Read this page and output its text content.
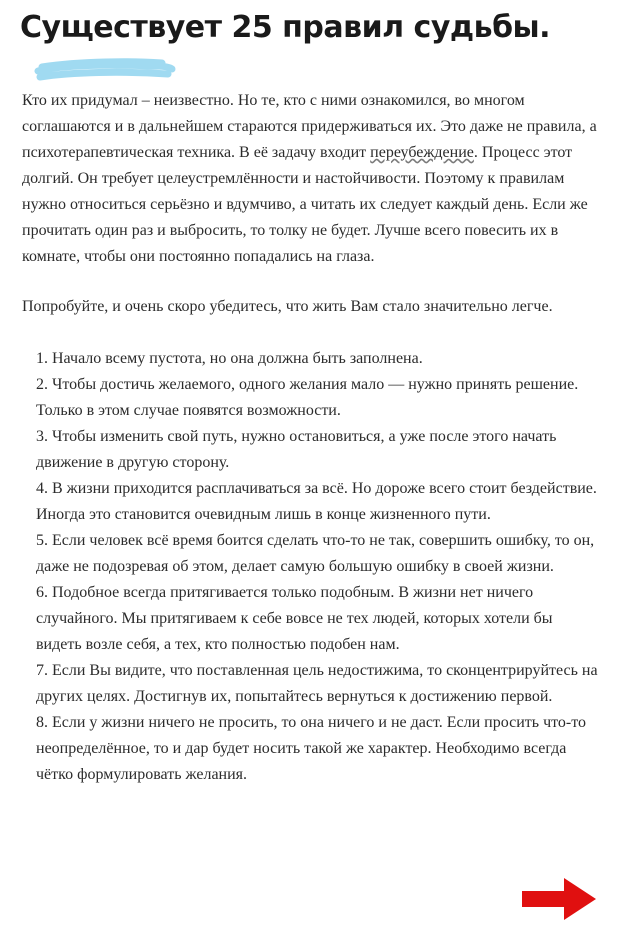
Существует 25 правил судьбы.

Кто их придумал – неизвестно. Но те, кто с ними ознакомился, во многом соглашаются и в дальнейшем стараются придерживаться их. Это даже не правила, а психотерапевтическая техника. В её задачу входит переубеждение. Процесс этот долгий. Он требует целеустремлённости и настойчивости. Поэтому к правилам нужно относиться серьёзно и вдумчиво, а читать их следует каждый день. Если же прочитать один раз и выбросить, то толку не будет. Лучше всего повесить их в комнате, чтобы они постоянно попадались на глаза.

Попробуйте, и очень скоро убедитесь, что жить Вам стало значительно легче.

1. Начало всему пустота, но она должна быть заполнена.
2. Чтобы достичь желаемого, одного желания мало — нужно принять решение. Только в этом случае появятся возможности.
3. Чтобы изменить свой путь, нужно остановиться, а уже после этого начать движение в другую сторону.
4. В жизни приходится расплачиваться за всё. Но дороже всего стоит бездействие. Иногда это становится очевидным лишь в конце жизненного пути.
5. Если человек всё время боится сделать что-то не так, совершить ошибку, то он, даже не подозревая об этом, делает самую большую ошибку в своей жизни.
6. Подобное всегда притягивается только подобным. В жизни нет ничего случайного. Мы притягиваем к себе вовсе не тех людей, которых хотели бы видеть возле себя, а тех, кто полностью подобен нам.
7. Если Вы видите, что поставленная цель недостижима, то сконцентрируйтесь на других целях. Достигнув их, попытайтесь вернуться к достижению первой.
8. Если у жизни ничего не просить, то она ничего и не даст. Если просить что-то неопределённое, то и дар будет носить такой же характер. Необходимо всегда чётко формулировать желания.
